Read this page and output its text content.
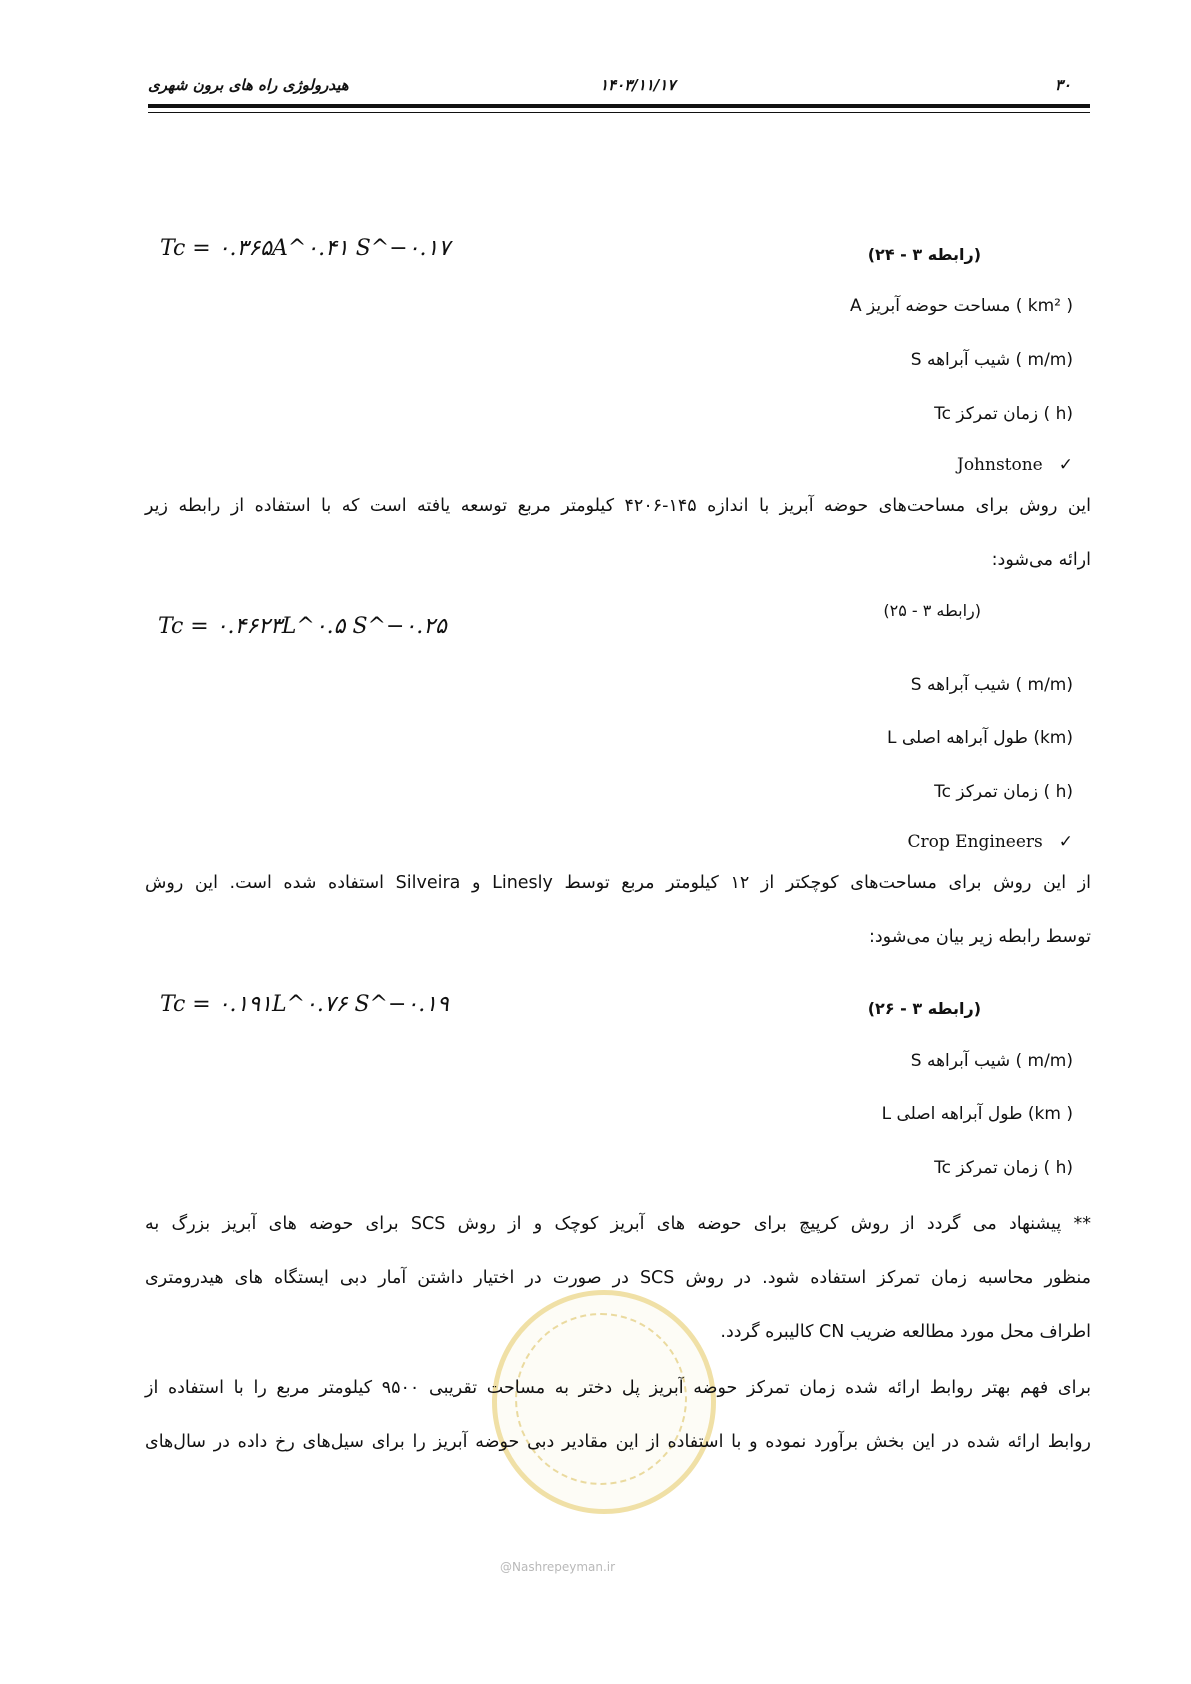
هیدرولوژی راه های برون شهری	۱۴۰۳/۱۱/۱۷	۳۰
Tc = ۰.۳۶۵A^۰.۴۱ S^−۰.۱۷	(رابطه ۳ - ۲۴)
A مساحت حوضه آبریز ( km² )
S شیب آبراهه ( m/m)
Tc زمان تمرکز ( h)
Johnstone ✓
این روش برای مساحت‌های حوضه آبریز با اندازه ۱۴۵-۴۲۰۶ کیلومتر مربع توسعه یافته است که با استفاده از رابطه زیر
ارائه می‌شود:
Tc = ۰.۴۶۲۳L^۰.۵ S^−۰.۲۵
(رابطه ۳ - ۲۵)
S شیب آبراهه ( m/m)
L طول آبراهه اصلی (km)
Tc زمان تمرکز ( h)
Crop Engineers ✓
از این روش برای مساحت‌های کوچکتر از ۱۲ کیلومتر مربع توسط Linesly و Silveira استفاده شده است. این روش
توسط رابطه زیر بیان می‌شود:
Tc = ۰.۱۹۱L^۰.۷۶ S^−۰.۱۹	(رابطه ۳ - ۲۶)
S شیب آبراهه ( m/m)
L طول آبراهه اصلی (km )
Tc زمان تمرکز ( h)
@Nashrepeyman.ir
** پیشنهاد می گردد از روش کرپیچ برای حوضه های آبریز کوچک و از روش SCS برای حوضه های آبریز بزرگ به
منظور محاسبه زمان تمرکز استفاده شود. در روش SCS در صورت در اختیار داشتن آمار دبی ایستگاه های هیدرومتری
اطراف محل مورد مطالعه ضریب CN کالیبره گردد.
برای فهم بهتر روابط ارائه شده زمان تمرکز حوضه آبریز پل دختر به مساحت تقریبی ۹۵۰۰ کیلومتر مربع را با استفاده از
روابط ارائه شده در این بخش برآورد نموده و با استفاده از این مقادیر دبی حوضه آبریز را برای سیل‌های رخ داده در سال‌های
